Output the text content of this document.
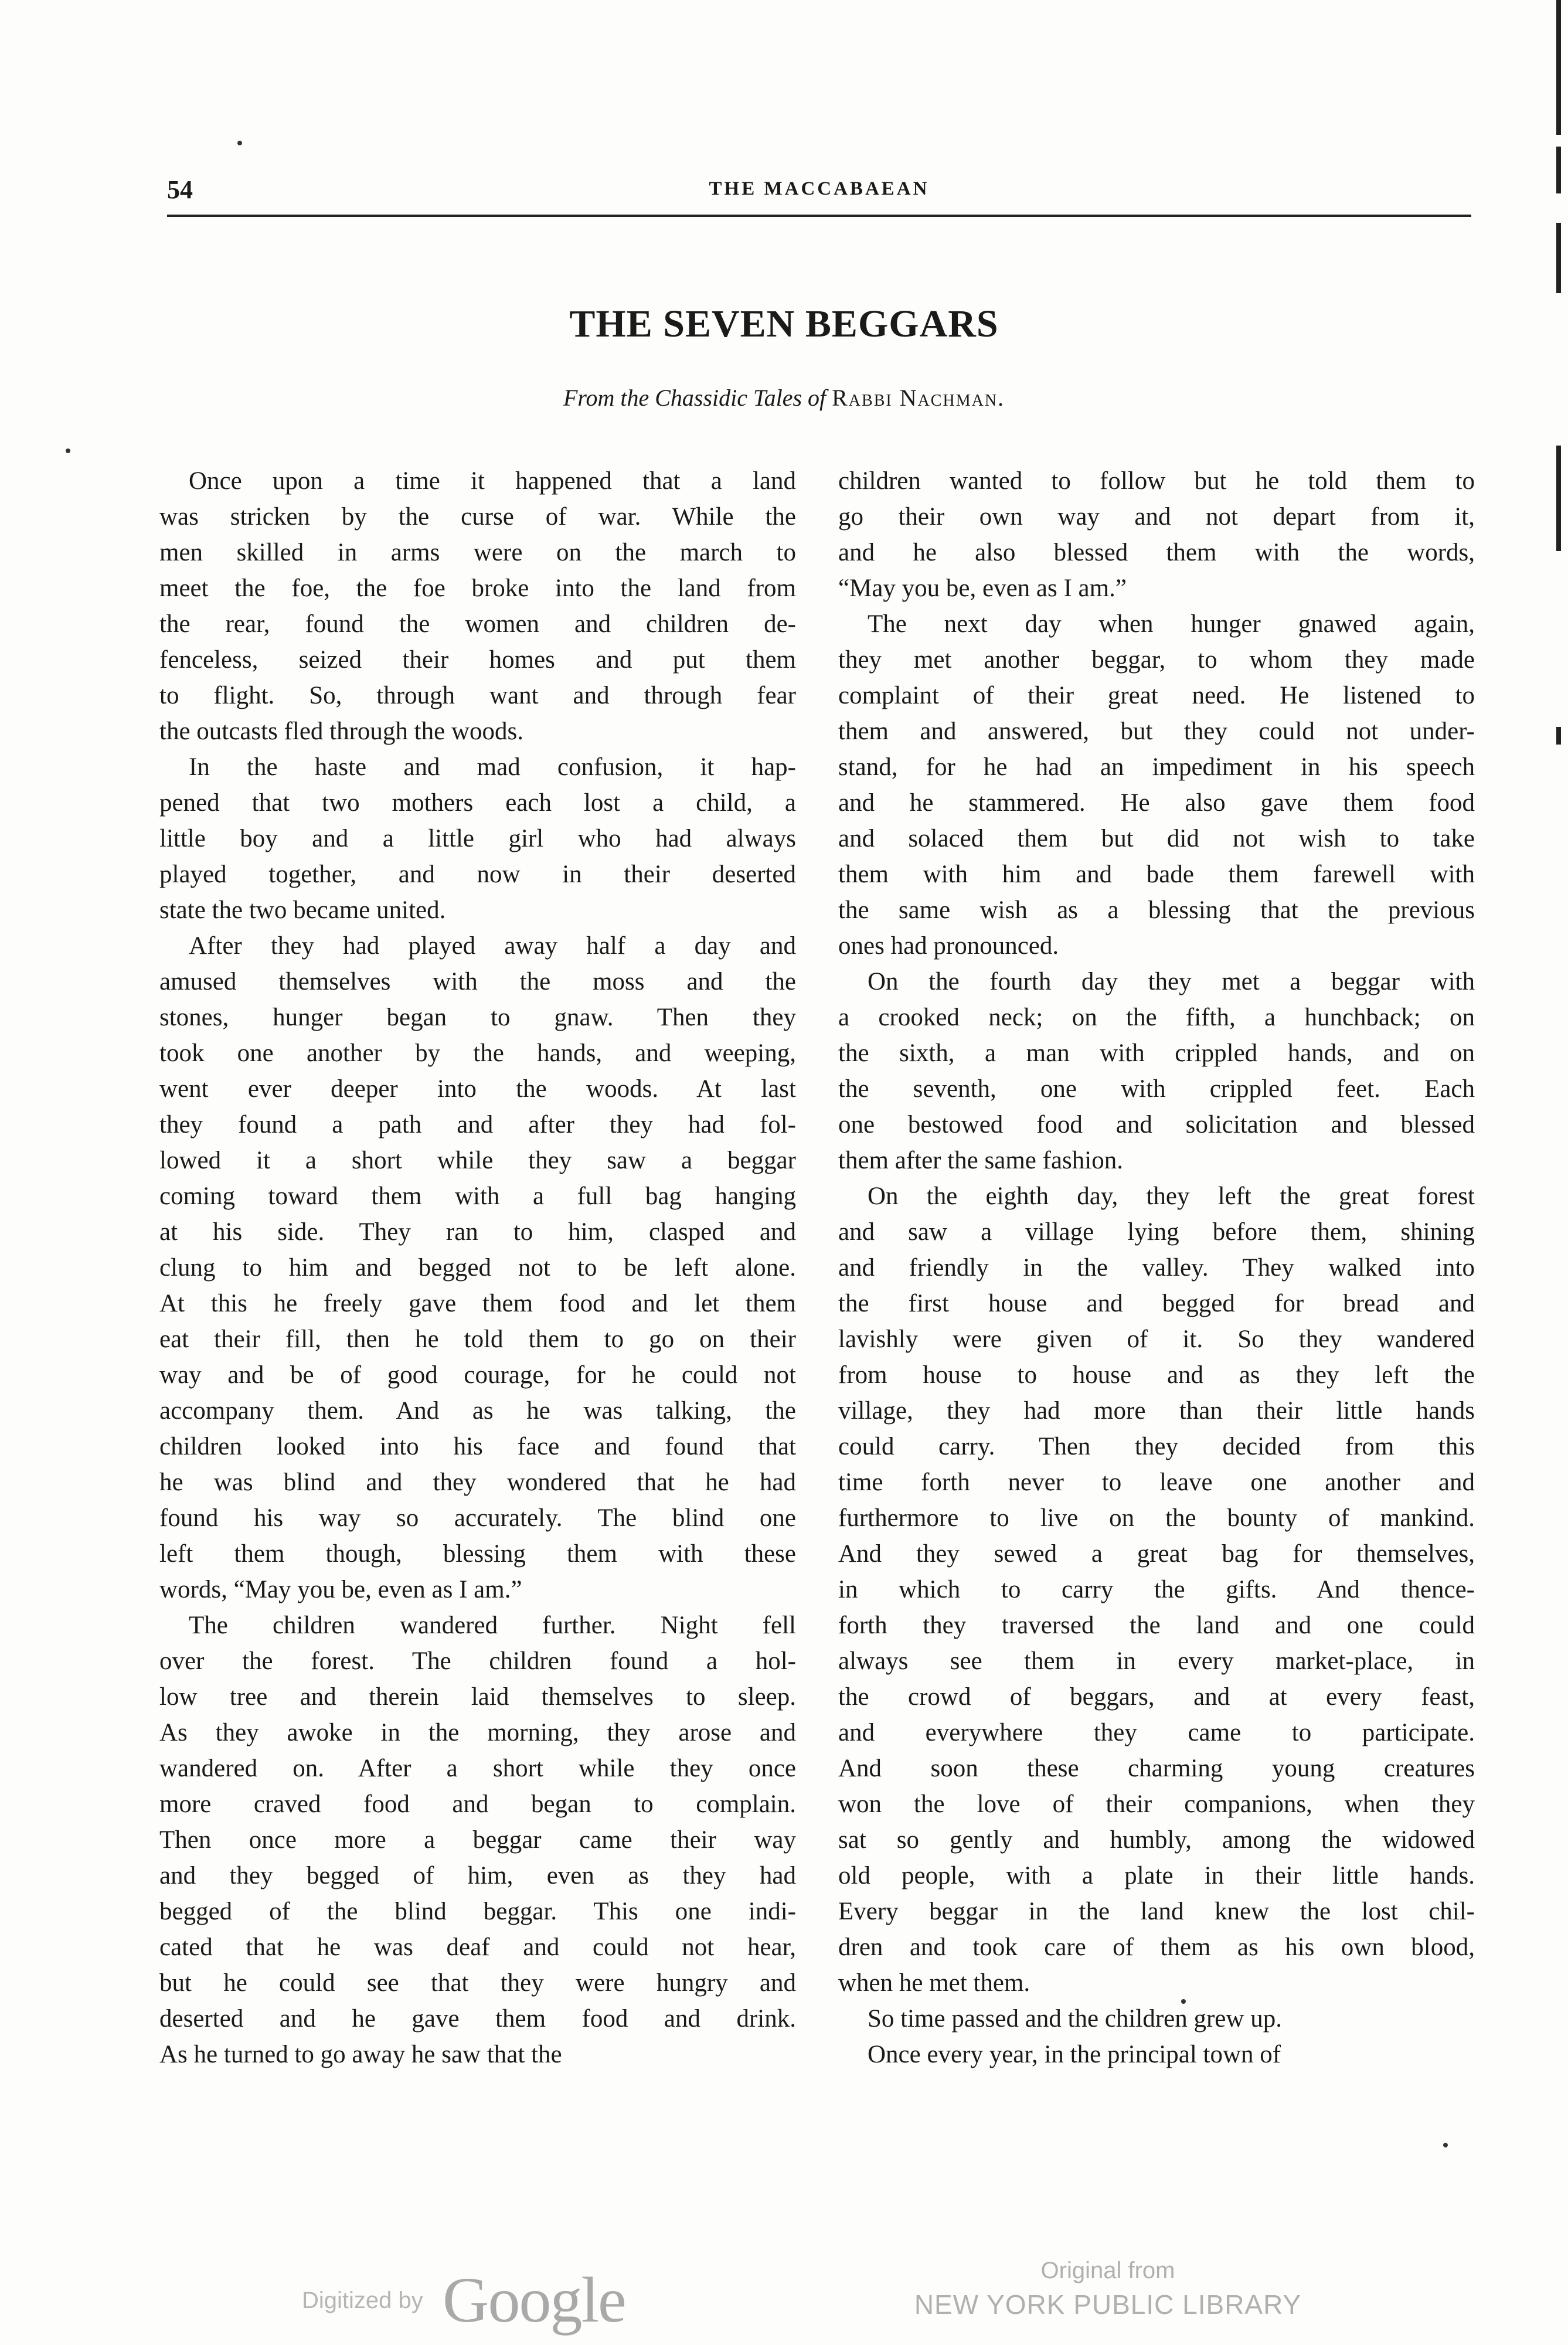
54	THE MACCABAEAN
THE SEVEN BEGGARS
From the Chassidic Tales of Rabbi Nachman.
Once upon a time it happened that a land
was stricken by the curse of war. While the
men skilled in arms were on the march to
meet the foe, the foe broke into the land from
the rear, found the women and children de-
fenceless, seized their homes and put them
to flight. So, through want and through fear
the outcasts fled through the woods.
In the haste and mad confusion, it hap-
pened that two mothers each lost a child, a
little boy and a little girl who had always
played together, and now in their deserted
state the two became united.
After they had played away half a day and
amused themselves with the moss and the
stones, hunger began to gnaw. Then they
took one another by the hands, and weeping,
went ever deeper into the woods. At last
they found a path and after they had fol-
lowed it a short while they saw a beggar
coming toward them with a full bag hanging
at his side. They ran to him, clasped and
clung to him and begged not to be left alone.
At this he freely gave them food and let them
eat their fill, then he told them to go on their
way and be of good courage, for he could not
accompany them. And as he was talking, the
children looked into his face and found that
he was blind and they wondered that he had
found his way so accurately. The blind one
left them though, blessing them with these
words, “May you be, even as I am.”
The children wandered further. Night fell
over the forest. The children found a hol-
low tree and therein laid themselves to sleep.
As they awoke in the morning, they arose and
wandered on. After a short while they once
more craved food and began to complain.
Then once more a beggar came their way
and they begged of him, even as they had
begged of the blind beggar. This one indi-
cated that he was deaf and could not hear,
but he could see that they were hungry and
deserted and he gave them food and drink.
As he turned to go away he saw that the
children wanted to follow but he told them to
go their own way and not depart from it,
and he also blessed them with the words,
“May you be, even as I am.”
The next day when hunger gnawed again,
they met another beggar, to whom they made
complaint of their great need. He listened to
them and answered, but they could not under-
stand, for he had an impediment in his speech
and he stammered. He also gave them food
and solaced them but did not wish to take
them with him and bade them farewell with
the same wish as a blessing that the previous
ones had pronounced.
On the fourth day they met a beggar with
a crooked neck; on the fifth, a hunchback; on
the sixth, a man with crippled hands, and on
the seventh, one with crippled feet. Each
one bestowed food and solicitation and blessed
them after the same fashion.
On the eighth day, they left the great forest
and saw a village lying before them, shining
and friendly in the valley. They walked into
the first house and begged for bread and
lavishly were given of it. So they wandered
from house to house and as they left the
village, they had more than their little hands
could carry. Then they decided from this
time forth never to leave one another and
furthermore to live on the bounty of mankind.
And they sewed a great bag for themselves,
in which to carry the gifts. And thence-
forth they traversed the land and one could
always see them in every market-place, in
the crowd of beggars, and at every feast,
and everywhere they came to participate.
And soon these charming young creatures
won the love of their companions, when they
sat so gently and humbly, among the widowed
old people, with a plate in their little hands.
Every beggar in the land knew the lost chil-
dren and took care of them as his own blood,
when he met them.
So time passed and the children grew up.
Once every year, in the principal town of
Digitized by Google	Original from
NEW YORK PUBLIC LIBRARY
